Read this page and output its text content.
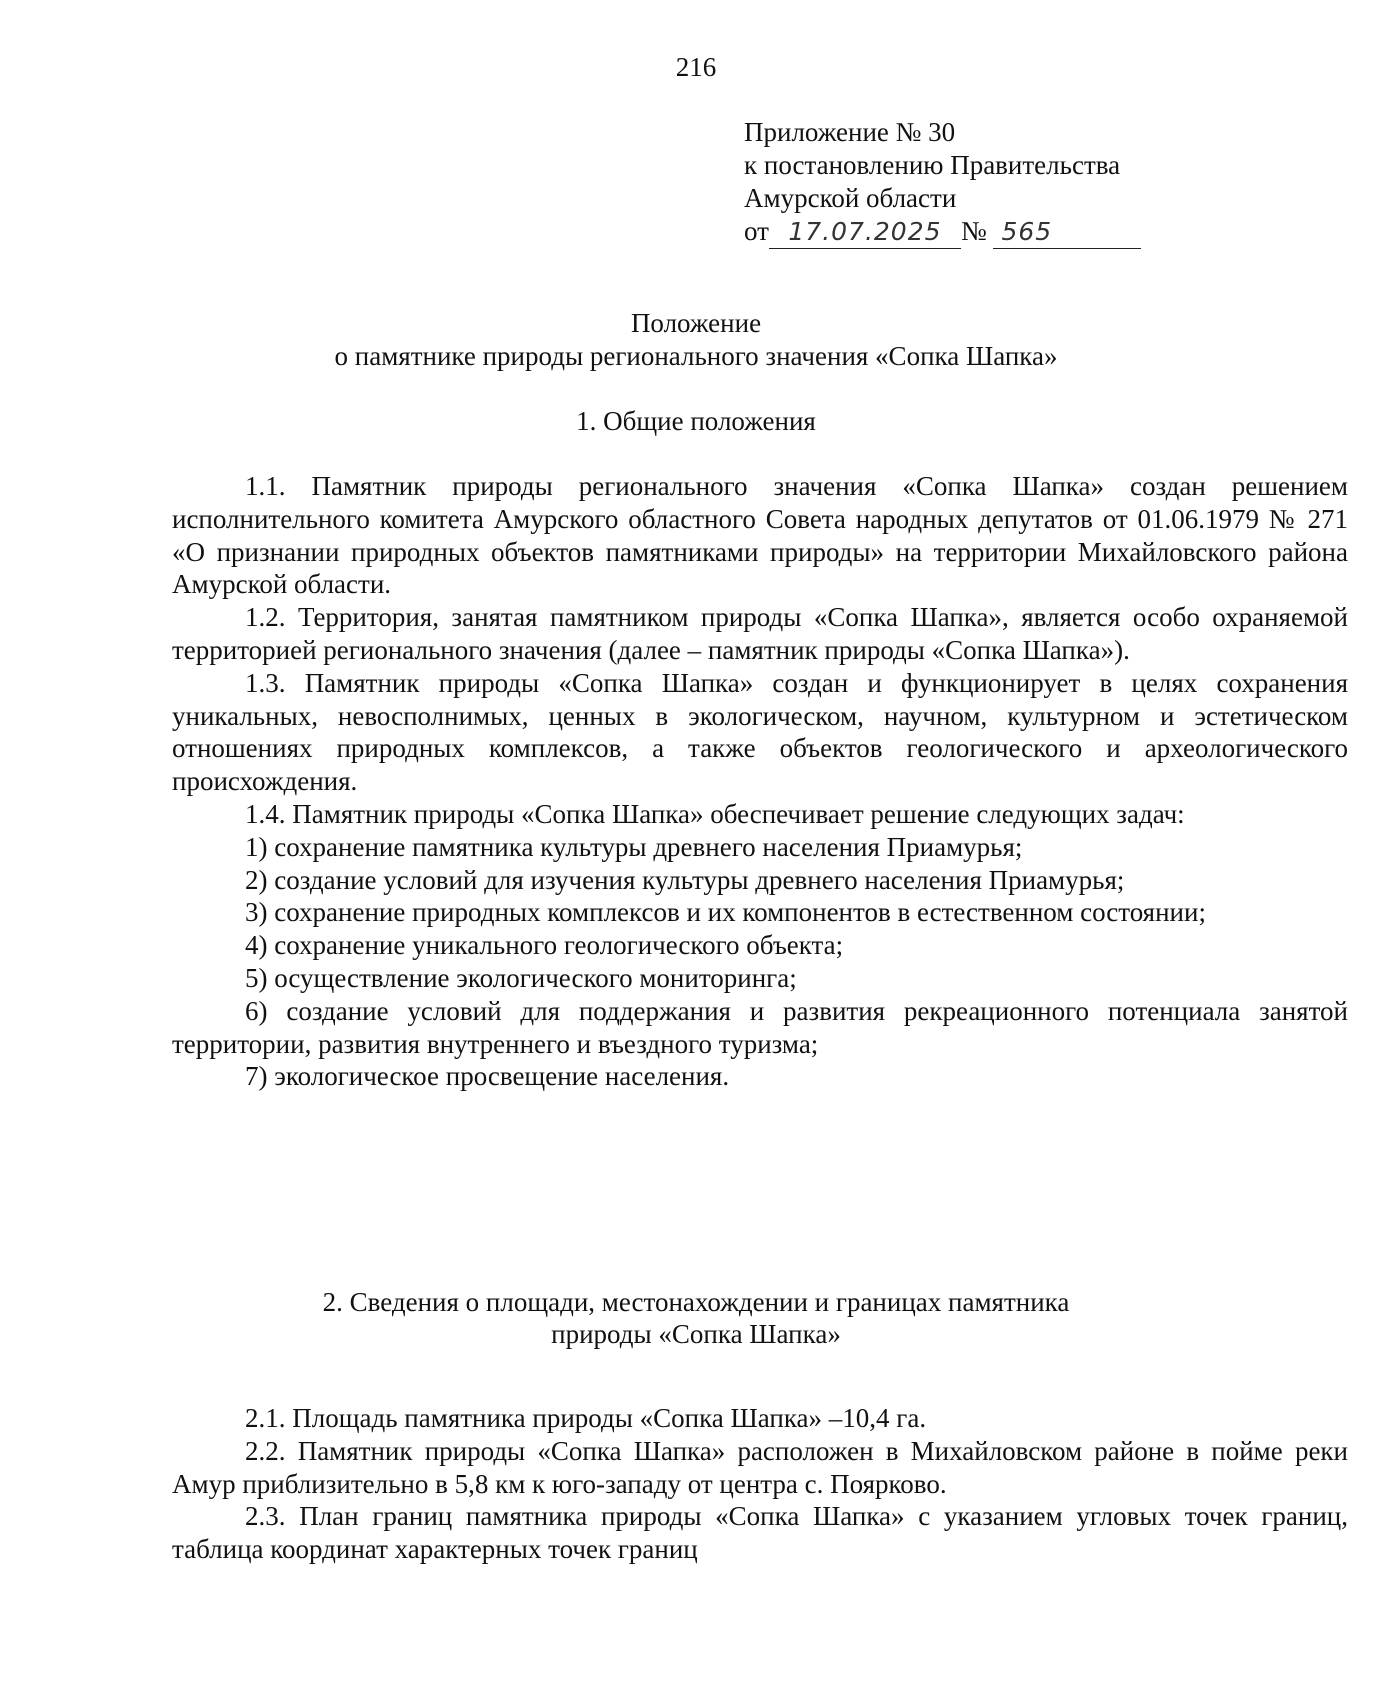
216
Приложение № 30
к постановлению Правительства
Амурской области
от 17.07.2025 № 565
Положение
о памятнике природы регионального значения «Сопка Шапка»
1. Общие положения

1.1. Памятник природы регионального значения «Сопка Шапка» создан решением исполнительного комитета Амурского областного Совета народных депутатов от 01.06.1979 № 271 «О признании природных объектов памятниками природы» на территории Михайловского района Амурской области.

1.2. Территория, занятая памятником природы «Сопка Шапка», является особо охраняемой территорией регионального значения (далее – памятник природы «Сопка Шапка»).

1.3. Памятник природы «Сопка Шапка» создан и функционирует в целях сохранения уникальных, невосполнимых, ценных в экологическом, научном, культурном и эстетическом отношениях природных комплексов, а также объектов геологического и археологического происхождения.

1.4. Памятник природы «Сопка Шапка» обеспечивает решение следующих задач:

1) сохранение памятника культуры древнего населения Приамурья;

2) создание условий для изучения культуры древнего населения Приамурья;

3) сохранение природных комплексов и их компонентов в естественном состоянии;

4) сохранение уникального геологического объекта;

5) осуществление экологического мониторинга;

6) создание условий для поддержания и развития рекреационного потенциала занятой территории, развития внутреннего и въездного туризма;

7) экологическое просвещение населения.

2. Сведения о площади, местонахождении и границах памятника
природы «Сопка Шапка»

2.1. Площадь памятника природы «Сопка Шапка» –10,4 га.

2.2. Памятник природы «Сопка Шапка» расположен в Михайловском районе в пойме реки Амур приблизительно в 5,8 км к юго-западу от центра с. Поярково.

2.3. План границ памятника природы «Сопка Шапка» с указанием угловых точек границ, таблица координат характерных точек границ
